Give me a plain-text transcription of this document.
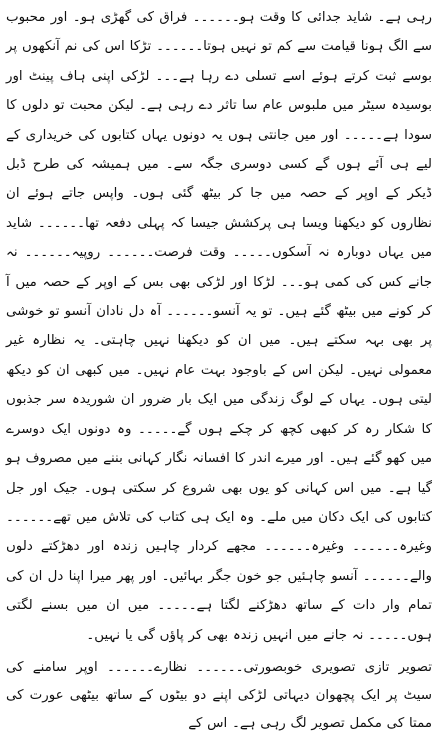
رہی ہے۔ شاید جدائی کا وقت ہو۔۔۔۔۔۔ فراق کی گھڑی ہو۔ اور محبوب سے الگ ہونا قیامت سے کم تو نہیں ہوتا۔۔۔۔۔۔ تڑکا اس کی نم آنکھوں پر بوسے ثبت کرتے ہوئے اسے تسلی دے رہا ہے۔۔۔ لڑکی اپنی ہاف پینٹ اور بوسیدہ سیٹر میں ملبوس عام سا تاثر دے رہی ہے۔ لیکن محبت تو دلوں کا سودا ہے۔۔۔۔۔ اور میں جانتی ہوں یہ دونوں یہاں کتابوں کی خریداری کے لیے ہی آئے ہوں گے کسی دوسری جگہ سے۔ میں ہمیشہ کی طرح ڈبل ڈیکر کے اوپر کے حصہ میں جا کر بیٹھ گئی ہوں۔ واپس جاتے ہوئے ان نظاروں کو دیکھنا ویسا ہی پرکشش جیسا کہ پہلی دفعہ تھا۔۔۔۔۔۔ شاید میں یہاں دوبارہ نہ آسکوں۔۔۔۔۔ وقت فرصت۔۔۔۔۔۔ روپیہ۔۔۔۔۔۔ نہ جانے کس کی کمی ہو۔۔۔ لڑکا اور لڑکی بھی بس کے اوپر کے حصہ میں آ کر کونے میں بیٹھ گئے ہیں۔ تو یہ آنسو۔۔۔۔۔۔ آہ دل نادان آنسو تو خوشی پر بھی بہہ سکتے ہیں۔ میں ان کو دیکھنا نہیں چاہتی۔ یہ نظارہ غیر معمولی نہیں۔ لیکن اس کے باوجود بہت عام نہیں۔ میں کبھی ان کو دیکھ لیتی ہوں۔ یہاں کے لوگ زندگی میں ایک بار ضرور ان شوریدہ سر جذبوں کا شکار رہ کر کبھی کچھ کر چکے ہوں گے۔۔۔۔۔ وہ دونوں ایک دوسرے میں کھو گئے ہیں۔ اور میرے اندر کا افسانہ نگار کہانی بننے میں مصروف ہو گیا ہے۔ میں اس کہانی کو یوں بھی شروع کر سکتی ہوں۔ جیک اور جل کتابوں کی ایک دکان میں ملے۔ وہ ایک ہی کتاب کی تلاش میں تھے۔۔۔۔۔۔ وغیرہ۔۔۔۔۔۔ وغیرہ۔۔۔۔۔۔ مجھے کردار چاہیں زندہ اور دھڑکتے دلوں والے۔۔۔۔۔۔ آنسو چاہئیں جو خون جگر بہائیں۔ اور پھر میرا اپنا دل ان کی تمام وار دات کے ساتھ دھڑکنے لگتا ہے۔۔۔۔۔ میں ان میں بسنے لگتی ہوں۔۔۔۔۔ نہ جانے میں انہیں زندہ بھی کر پاؤں گی یا نہیں۔

تصویر تازی تصویری خوبصورتی۔۔۔۔۔۔ نظارے۔۔۔۔۔۔ اوپر سامنے کی سیٹ پر ایک پچھوان دیہاتی لڑکی اپنے دو بیٹوں کے ساتھ بیٹھی عورت کی ممتا کی مکمل تصویر لگ رہی ہے۔ اس کے
